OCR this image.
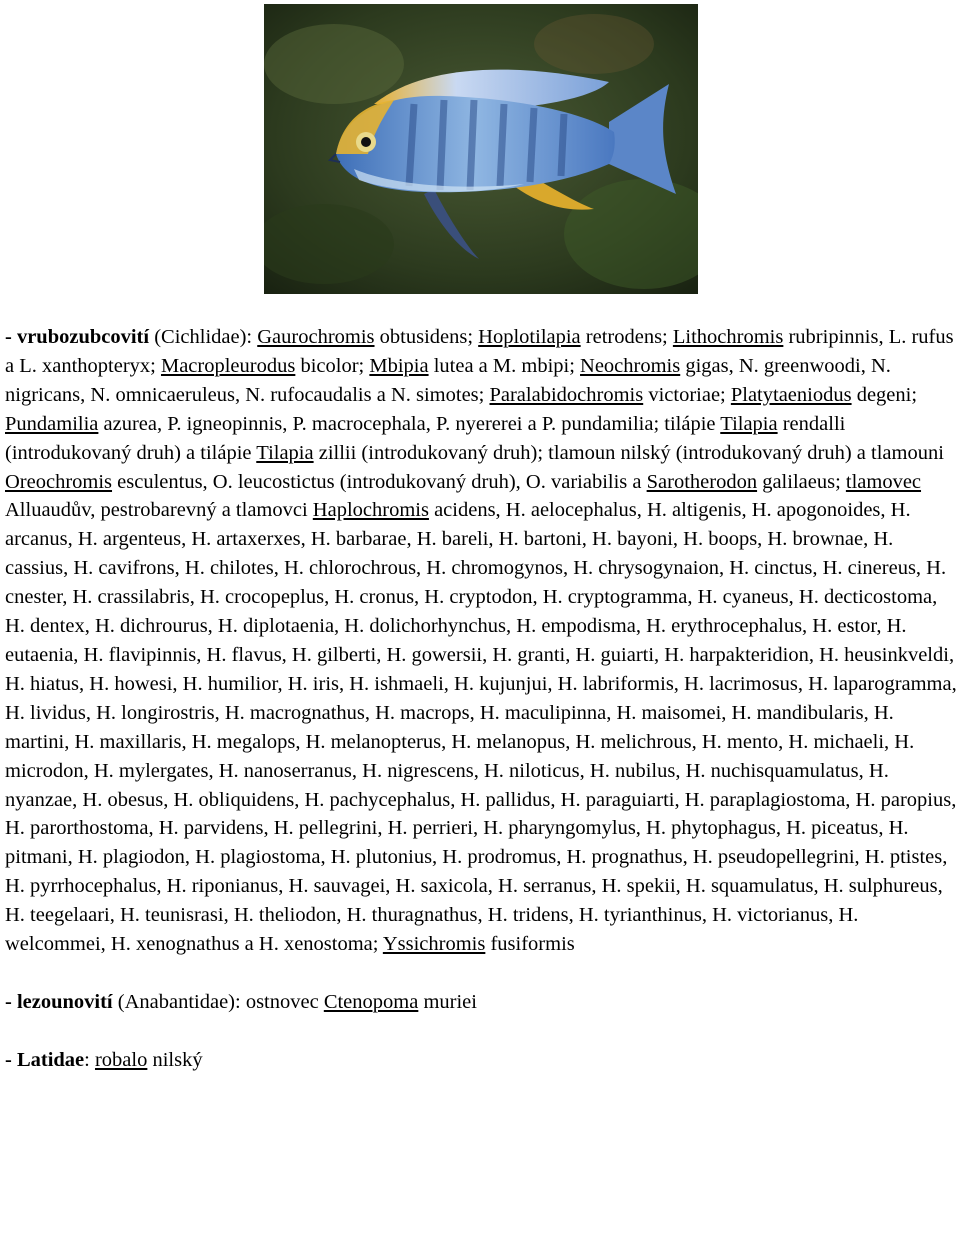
- vrubozubcovití (Cichlidae): Gaurochromis obtusidens; Hoplotilapia retrodens; Lithochromis rubripinnis, L. rufus a L. xanthopteryx; Macropleurodus bicolor; Mbipia lutea a M. mbipi; Neochromis gigas, N. greenwoodi, N. nigricans, N. omnicaeruleus, N. rufocaudalis a N. simotes; Paralabidochromis victoriae; Platytaeniodus degeni; Pundamilia azurea, P. igneopinnis, P. macrocephala, P. nyererei a P. pundamilia; tilápie Tilapia rendalli (introdukovaný druh) a tilápie Tilapia zillii (introdukovaný druh); tlamoun nilský (introdukovaný druh) a tlamouni Oreochromis esculentus, O. leucostictus (introdukovaný druh), O. variabilis a Sarotherodon galilaeus; tlamovec Alluaudův, pestrobarevný a tlamovci Haplochromis acidens, H. aelocephalus, H. altigenis, H. apogonoides, H. arcanus, H. argenteus, H. artaxerxes, H. barbarae, H. bareli, H. bartoni, H. bayoni, H. boops, H. brownae, H. cassius, H. cavifrons, H. chilotes, H. chlorochrous, H. chromogynos, H. chrysogynaion, H. cinctus, H. cinereus, H. cnester, H. crassilabris, H. crocopeplus, H. cronus, H. cryptodon, H. cryptogramma, H. cyaneus, H. decticostoma, H. dentex, H. dichrourus, H. diplotaenia, H. dolichorhynchus, H. empodisma, H. erythrocephalus, H. estor, H. eutaenia, H. flavipinnis, H. flavus, H. gilberti, H. gowersii, H. granti, H. guiarti, H. harpakteridion, H. heusinkveldi, H. hiatus, H. howesi, H. humilior, H. iris, H. ishmaeli, H. kujunjui, H. labriformis, H. lacrimosus, H. laparogramma, H. lividus, H. longirostris, H. macrognathus, H. macrops, H. maculipinna, H. maisomei, H. mandibularis, H. martini, H. maxillaris, H. megalops, H. melanopterus, H. melanopus, H. melichrous, H. mento, H. michaeli, H. microdon, H. mylergates, H. nanoserranus, H. nigrescens, H. niloticus, H. nubilus, H. nuchisquamulatus, H. nyanzae, H. obesus, H. obliquidens, H. pachycephalus, H. pallidus, H. paraguiarti, H. paraplagiostoma, H. paropius, H. parorthostoma, H. parvidens, H. pellegrini, H. perrieri, H. pharyngomylus, H. phytophagus, H. piceatus, H. pitmani, H. plagiodon, H. plagiostoma, H. plutonius, H. prodromus, H. prognathus, H. pseudopellegrini, H. ptistes, H. pyrrhocephalus, H. riponianus, H. sauvagei, H. saxicola, H. serranus, H. spekii, H. squamulatus, H. sulphureus, H. teegelaari, H. teunisrasi, H. theliodon, H. thuragnathus, H. tridens, H. tyrianthinus, H. victorianus, H. welcommei, H. xenognathus a H. xenostoma; Yssichromis fusiformis

- lezounovití (Anabantidae): ostnovec Ctenopoma muriei

- Latidae: robalo nilský
